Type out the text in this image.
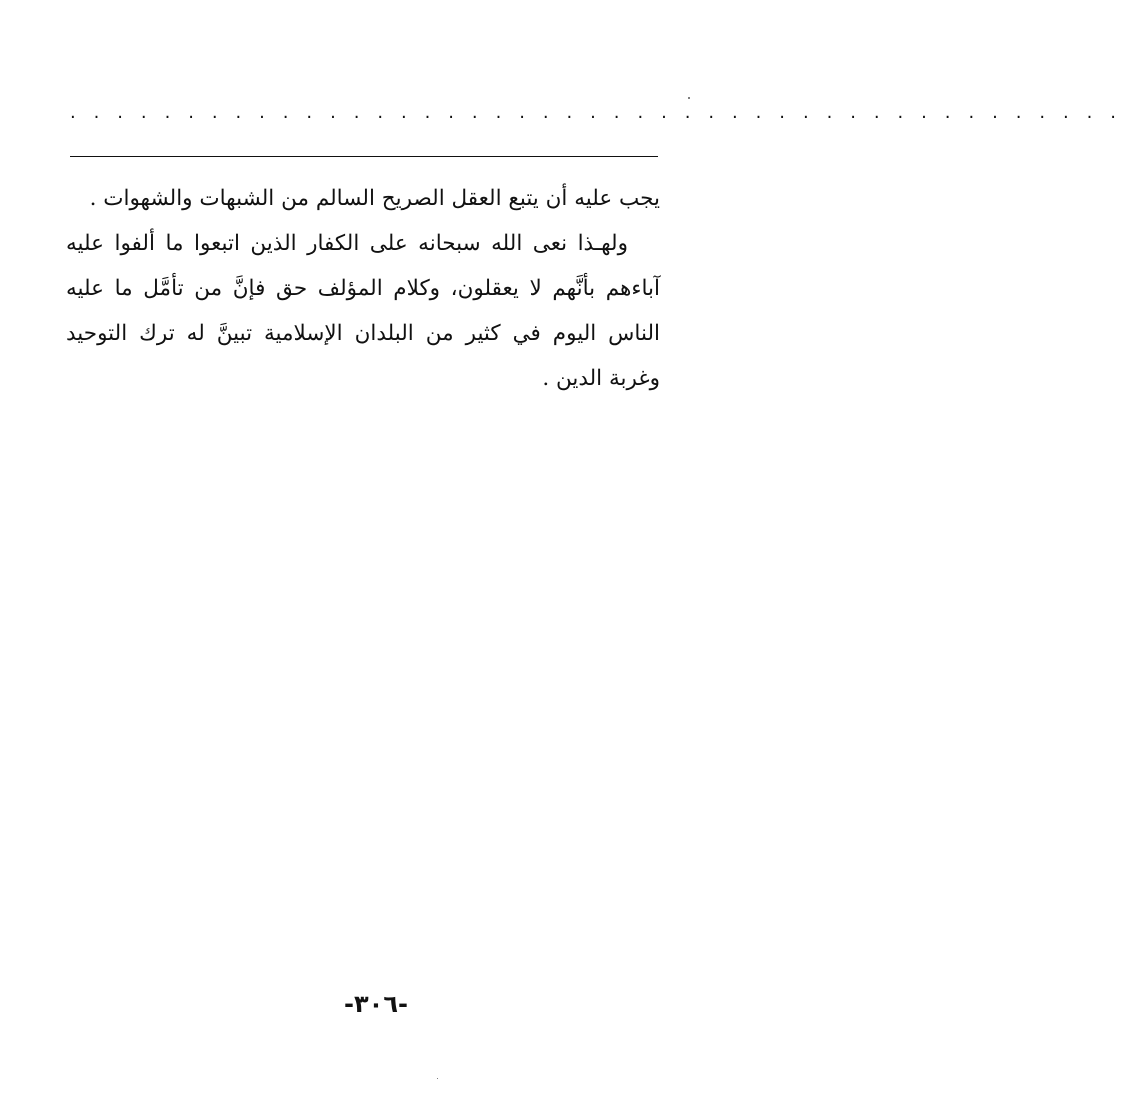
. . . . . . . . . . . . . . . . . . . . . . . . . . . . . . . . . . . . . . . . . . . . .

يجب عليه أن يتبع العقل الصريح السالم من الشبهات والشهوات .

ولهـذا نعى الله سبحانه على الكفار الذين اتبعوا ما ألفوا عليه آباءهم بأنَّهم لا يعقلون، وكلام المؤلف حق فإنَّ من تأمَّل ما عليه الناس اليوم في كثير من البلدان الإسلامية تبينَّ له ترك التوحيد وغربة الدين .

-٣٠٦-
